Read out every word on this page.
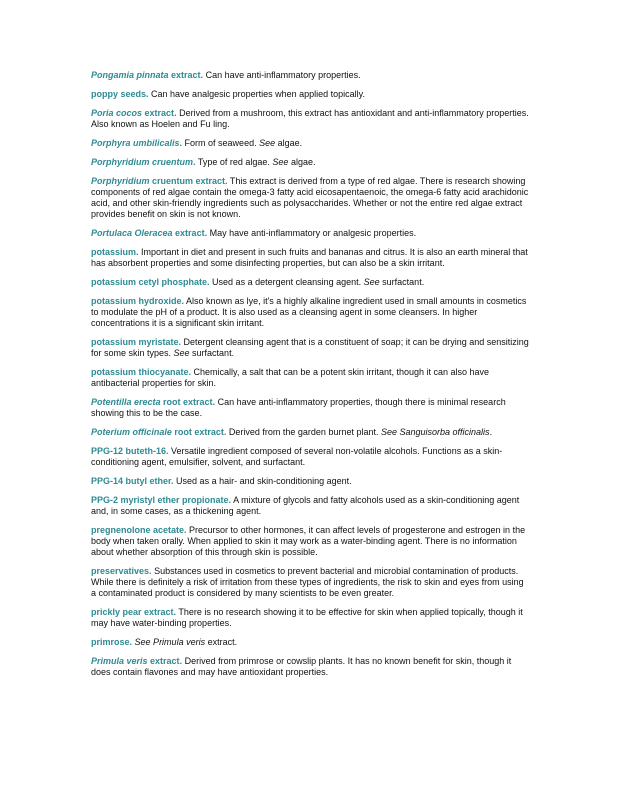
Pongamia pinnata extract. Can have anti-inflammatory properties.

poppy seeds. Can have analgesic properties when applied topically.

Poria cocos extract. Derived from a mushroom, this extract has antioxidant and anti-inflammatory properties. Also known as Hoelen and Fu ling.

Porphyra umbilicalis. Form of seaweed. See algae.

Porphyridium cruentum. Type of red algae. See algae.

Porphyridium cruentum extract. This extract is derived from a type of red algae. There is research showing components of red algae contain the omega-3 fatty acid eicosapentaenoic, the omega-6 fatty acid arachidonic acid, and other skin-friendly ingredients such as polysaccharides. Whether or not the entire red algae extract provides benefit on skin is not known.

Portulaca Oleracea extract. May have anti-inflammatory or analgesic properties.

potassium. Important in diet and present in such fruits and bananas and citrus. It is also an earth mineral that has absorbent properties and some disinfecting properties, but can also be a skin irritant.

potassium cetyl phosphate. Used as a detergent cleansing agent. See surfactant.

potassium hydroxide. Also known as lye, it's a highly alkaline ingredient used in small amounts in cosmetics to modulate the pH of a product. It is also used as a cleansing agent in some cleansers. In higher concentrations it is a significant skin irritant.

potassium myristate. Detergent cleansing agent that is a constituent of soap; it can be drying and sensitizing for some skin types. See surfactant.

potassium thiocyanate. Chemically, a salt that can be a potent skin irritant, though it can also have antibacterial properties for skin.

Potentilla erecta root extract. Can have anti-inflammatory properties, though there is minimal research showing this to be the case.

Poterium officinale root extract. Derived from the garden burnet plant. See Sanguisorba officinalis.

PPG-12 buteth-16. Versatile ingredient composed of several non-volatile alcohols. Functions as a skin-conditioning agent, emulsifier, solvent, and surfactant.

PPG-14 butyl ether. Used as a hair- and skin-conditioning agent.

PPG-2 myristyl ether propionate. A mixture of glycols and fatty alcohols used as a skin-conditioning agent and, in some cases, as a thickening agent.

pregnenolone acetate. Precursor to other hormones, it can affect levels of progesterone and estrogen in the body when taken orally. When applied to skin it may work as a water-binding agent. There is no information about whether absorption of this through skin is possible.

preservatives. Substances used in cosmetics to prevent bacterial and microbial contamination of products. While there is definitely a risk of irritation from these types of ingredients, the risk to skin and eyes from using a contaminated product is considered by many scientists to be even greater.

prickly pear extract. There is no research showing it to be effective for skin when applied topically, though it may have water-binding properties.

primrose. See Primula veris extract.

Primula veris extract. Derived from primrose or cowslip plants. It has no known benefit for skin, though it does contain flavones and may have antioxidant properties.
